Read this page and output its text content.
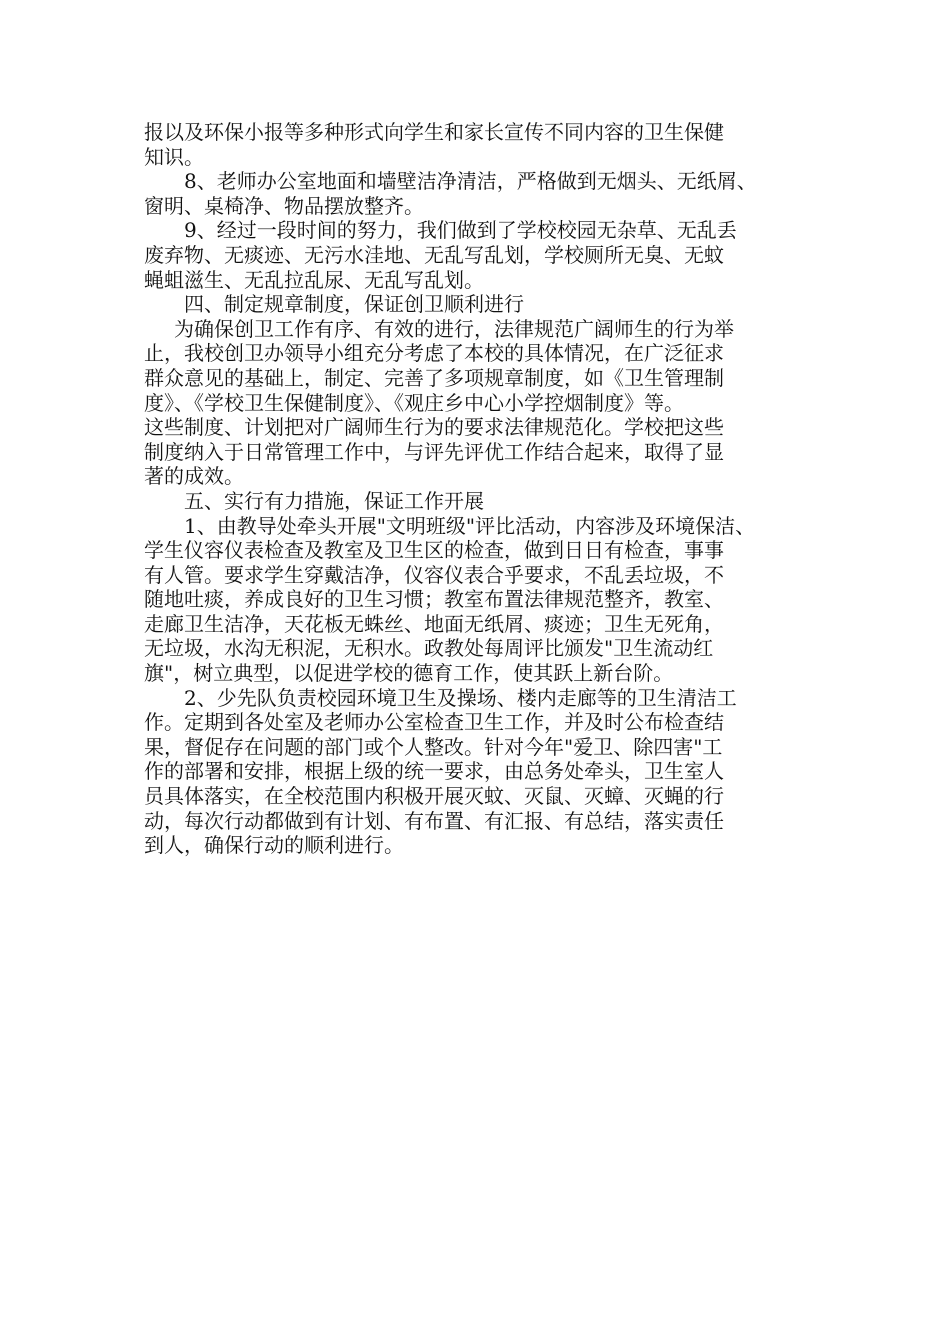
报以及环保小报等多种形式向学生和家长宣传不同内容的卫生保健
知识。
8、老师办公室地面和墙壁洁净清洁，严格做到无烟头、无纸屑、
窗明、桌椅净、物品摆放整齐。
9、经过一段时间的努力，我们做到了学校校园无杂草、无乱丢
废弃物、无痰迹、无污水洼地、无乱写乱划，学校厕所无臭、无蚊
蝇蛆滋生、无乱拉乱尿、无乱写乱划。
四、制定规章制度，保证创卫顺利进行
为确保创卫工作有序、有效的进行，法律规范广阔师生的行为举
止，我校创卫办领导小组充分考虑了本校的具体情况，在广泛征求
群众意见的基础上，制定、完善了多项规章制度，如《卫生管理制
度》、《学校卫生保健制度》、《观庄乡中心小学控烟制度》等。
这些制度、计划把对广阔师生行为的要求法律规范化。学校把这些
制度纳入于日常管理工作中，与评先评优工作结合起来，取得了显
著的成效。
五、实行有力措施，保证工作开展
1、由教导处牵头开展"文明班级"评比活动，内容涉及环境保洁、
学生仪容仪表检查及教室及卫生区的检查，做到日日有检查，事事
有人管。要求学生穿戴洁净，仪容仪表合乎要求，不乱丢垃圾，不
随地吐痰，养成良好的卫生习惯；教室布置法律规范整齐，教室、
走廊卫生洁净，天花板无蛛丝、地面无纸屑、痰迹；卫生无死角，
无垃圾，水沟无积泥，无积水。政教处每周评比颁发"卫生流动红
旗"，树立典型，以促进学校的德育工作，使其跃上新台阶。
2、少先队负责校园环境卫生及操场、楼内走廊等的卫生清洁工
作。定期到各处室及老师办公室检查卫生工作，并及时公布检查结
果，督促存在问题的部门或个人整改。针对今年"爱卫、除四害"工
作的部署和安排，根据上级的统一要求，由总务处牵头，卫生室人
员具体落实，在全校范围内积极开展灭蚊、灭鼠、灭蟑、灭蝇的行
动，每次行动都做到有计划、有布置、有汇报、有总结，落实责任
到人，确保行动的顺利进行。
